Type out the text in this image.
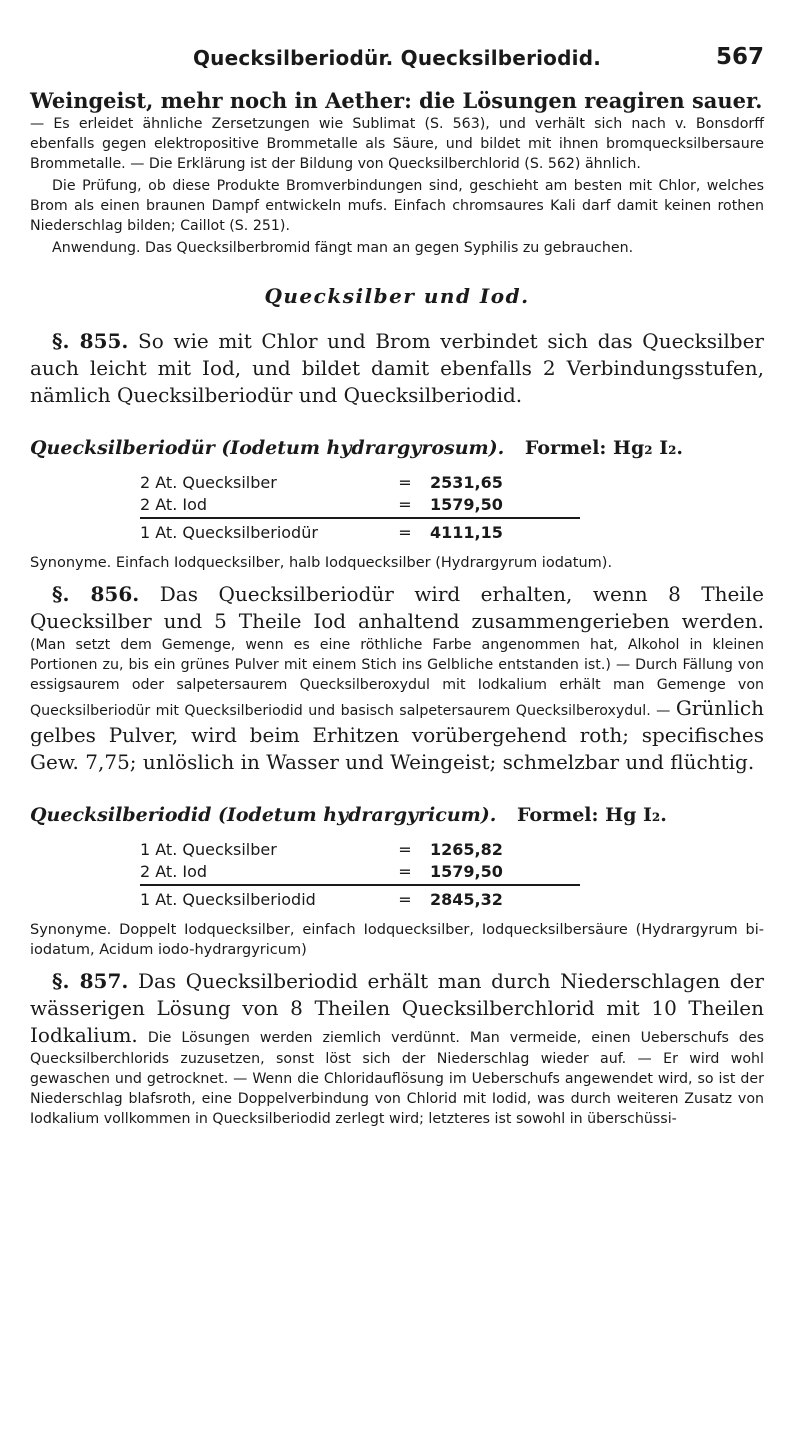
Quecksilberiodür. Quecksilberiodid.	567

Weingeist, mehr noch in Aether: die Lösungen reagiren sauer.

— Es erleidet ähnliche Zersetzungen wie Sublimat (S. 563), und verhält sich nach v. Bonsdorff ebenfalls gegen elektropositive Brommetalle als Säure, und bildet mit ihnen bromquecksilbersaure Brommetalle. — Die Erklärung ist der Bildung von Quecksilberchlorid (S. 562) ähnlich.

Die Prüfung, ob diese Produkte Bromverbindungen sind, geschieht am besten mit Chlor, welches Brom als einen braunen Dampf entwickeln mufs. Einfach chromsaures Kali darf damit keinen rothen Niederschlag bilden; Caillot (S. 251).

Anwendung. Das Quecksilberbromid fängt man an gegen Syphilis zu gebrauchen.

Quecksilber und Iod.

§. 855. So wie mit Chlor und Brom verbindet sich das Quecksilber auch leicht mit Iod, und bildet damit ebenfalls 2 Verbindungsstufen, nämlich Quecksilberiodür und Quecksilberiodid.

Quecksilberiodür (Iodetum hydrargyrosum). Formel: Hg₂ I₂.
2 At. Quecksilber	=	2531,65
2 At. Iod	=	1579,50
1 At. Quecksilberiodür	=	4111,15

Synonyme. Einfach Iodquecksilber, halb Iodquecksilber (Hydrargyrum iodatum).

§. 856. Das Quecksilberiodür wird erhalten, wenn 8 Theile Quecksilber und 5 Theile Iod anhaltend zusammengerieben werden. (Man setzt dem Gemenge, wenn es eine röthliche Farbe angenommen hat, Alkohol in kleinen Portionen zu, bis ein grünes Pulver mit einem Stich ins Gelbliche entstanden ist.) — Durch Fällung von essigsaurem oder salpetersaurem Quecksilberoxydul mit Iodkalium erhält man Gemenge von Quecksilberiodür mit Quecksilberiodid und basisch salpetersaurem Quecksilberoxydul. — Grünlich gelbes Pulver, wird beim Erhitzen vorübergehend roth; specifisches Gew. 7,75; unlöslich in Wasser und Weingeist; schmelzbar und flüchtig.

Quecksilberiodid (Iodetum hydrargyricum). Formel: Hg I₂.
1 At. Quecksilber	=	1265,82
2 At. Iod	=	1579,50
1 At. Quecksilberiodid	=	2845,32

Synonyme. Doppelt Iodquecksilber, einfach Iodquecksilber, Iodquecksilbersäure (Hydrargyrum bi-iodatum, Acidum iodo-hydrargyricum)

§. 857. Das Quecksilberiodid erhält man durch Niederschlagen der wässerigen Lösung von 8 Theilen Quecksilberchlorid mit 10 Theilen Iodkalium. Die Lösungen werden ziemlich verdünnt. Man vermeide, einen Ueberschufs des Quecksilberchlorids zuzusetzen, sonst löst sich der Niederschlag wieder auf. — Er wird wohl gewaschen und getrocknet. — Wenn die Chloridauflösung im Ueberschufs angewendet wird, so ist der Niederschlag blafsroth, eine Doppelverbindung von Chlorid mit Iodid, was durch weiteren Zusatz von Iodkalium vollkommen in Quecksilberiodid zerlegt wird; letzteres ist sowohl in überschüssi-
